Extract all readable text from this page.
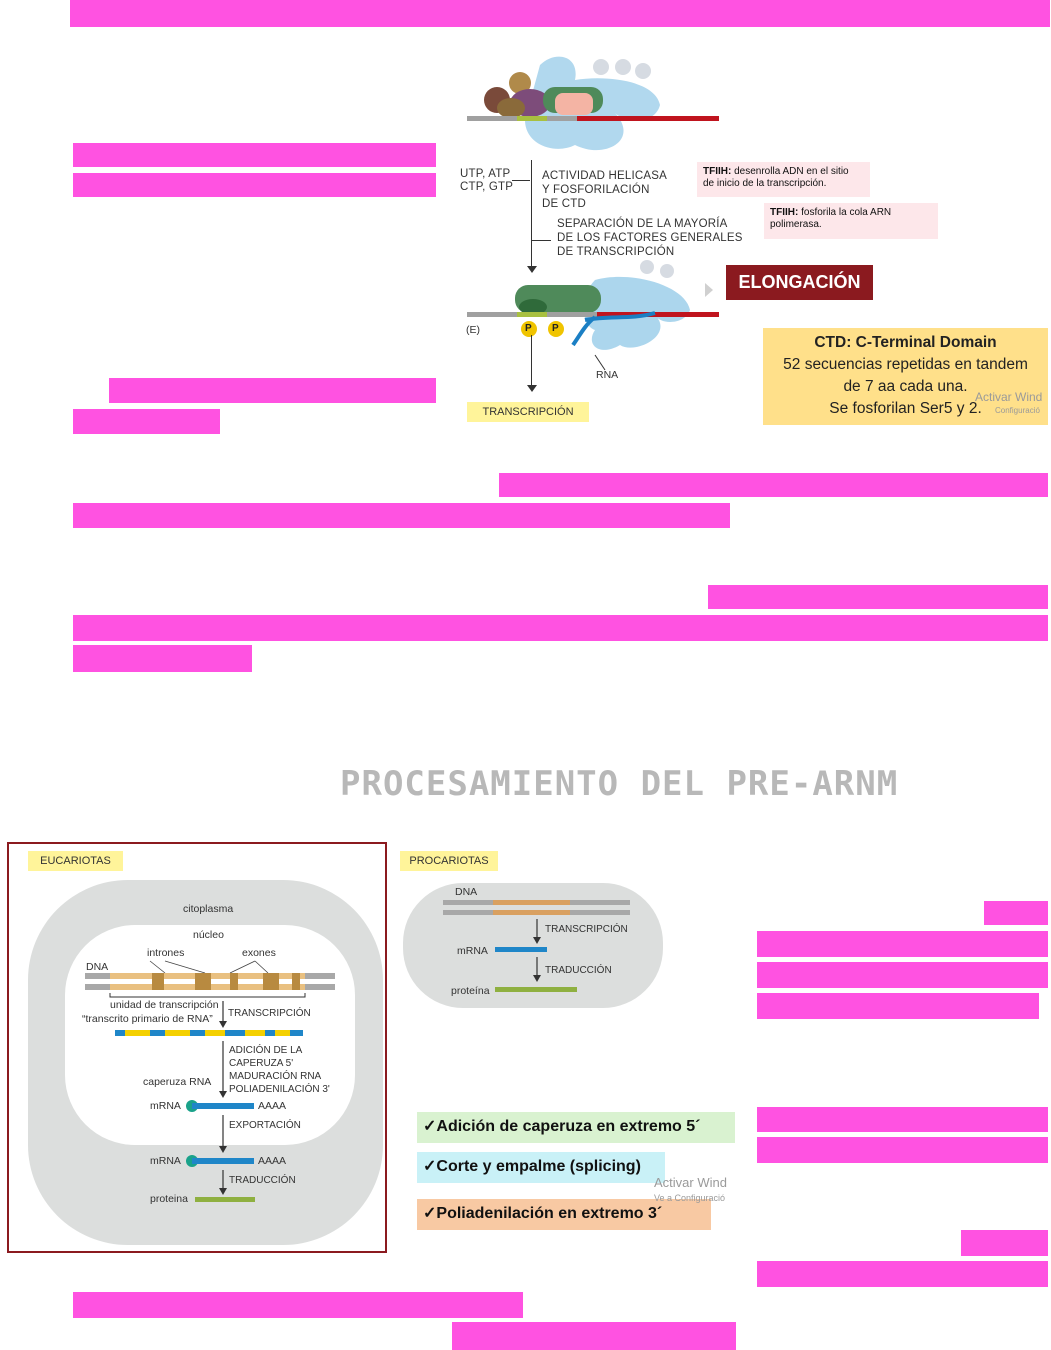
UTP, ATP
CTP, GTP
ACTIVIDAD HELICASA
Y FOSFORILACIÓN
DE CTD
SEPARACIÓN DE LA MAYORÍA
DE LOS FACTORES GENERALES
DE TRANSCRIPCIÓN
TFIIH: desenrolla ADN en el sitio
de inicio de la transcripción.
TFIIH: fosforila la cola ARN
polimerasa.
ELONGACIÓN
(E)	P P
RNA
TRANSCRIPCIÓN
CTD: C-Terminal Domain
52 secuencias repetidas en tandem
de 7 aa cada una.
Se fosforilan Ser5 y 2.
Activar Wind
Configuració
PROCESAMIENTO DEL PRE-ARNM
EUCARIOTAS
citoplasma
núcleo
intrones	exones
DNA
unidad de transcripción
“transcrito primario de RNA” TRANSCRIPCIÓN
ADICIÓN DE LA
CAPERUZA 5'
MADURACIÓN RNA
POLIADENILACIÓN 3'
caperuza RNA
mRNA	AAAA
EXPORTACIÓN
mRNA	AAAA
TRADUCCIÓN
proteina
PROCARIOTAS
DNA
TRANSCRIPCIÓN
mRNA
TRADUCCIÓN
proteína
✓Adición de caperuza en extremo 5´
✓Corte y empalme (splicing)
✓Poliadenilación en extremo 3´
Activar Wind
Ve a Configuració
